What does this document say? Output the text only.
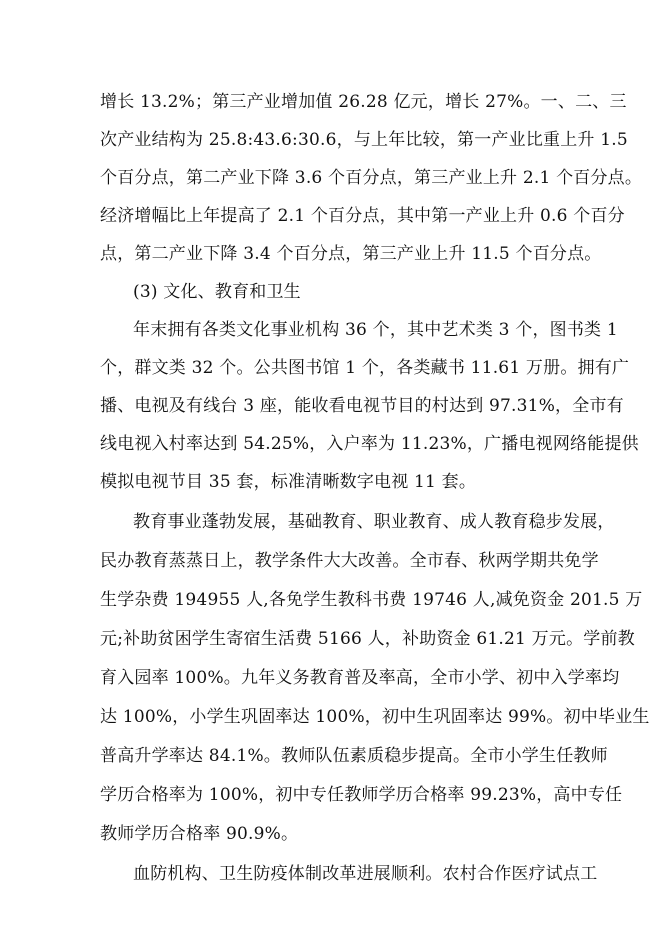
增长 13.2%；第三产业增加值 26.28 亿元，增长 27%。一、二、三
次产业结构为 25.8:43.6:30.6，与上年比较，第一产业比重上升 1.5
个百分点，第二产业下降 3.6 个百分点，第三产业上升 2.1 个百分点。
经济增幅比上年提高了 2.1 个百分点，其中第一产业上升 0.6 个百分
点，第二产业下降 3.4 个百分点，第三产业上升 11.5 个百分点。
(3) 文化、教育和卫生
年末拥有各类文化事业机构 36 个，其中艺术类 3 个，图书类 1
个，群文类 32 个。公共图书馆 1 个，各类藏书 11.61 万册。拥有广
播、电视及有线台 3 座，能收看电视节目的村达到 97.31%，全市有
线电视入村率达到 54.25%，入户率为 11.23%，广播电视网络能提供
模拟电视节目 35 套，标准清晰数字电视 11 套。
教育事业蓬勃发展，基础教育、职业教育、成人教育稳步发展，
民办教育蒸蒸日上，教学条件大大改善。全市春、秋两学期共免学
生学杂费 194955 人,各免学生教科书费 19746 人,减免资金 201.5 万
元;补助贫困学生寄宿生活费 5166 人，补助资金 61.21 万元。学前教
育入园率 100%。九年义务教育普及率高，全市小学、初中入学率均
达 100%，小学生巩固率达 100%，初中生巩固率达 99%。初中毕业生
普高升学率达 84.1%。教师队伍素质稳步提高。全市小学生任教师
学历合格率为 100%，初中专任教师学历合格率 99.23%，高中专任
教师学历合格率 90.9%。
血防机构、卫生防疫体制改革进展顺利。农村合作医疗试点工
